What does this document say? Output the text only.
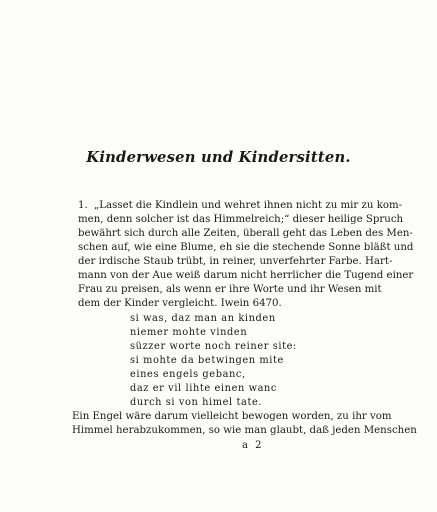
Kinderwesen und Kindersitten.
1. „Lasset die Kindlein und wehret ihnen nicht zu mir zu kom-
men, denn solcher ist das Himmelreich;“ dieser heilige Spruch
bewährt sich durch alle Zeiten, überall geht das Leben des Men-
schen auf, wie eine Blume, eh sie die stechende Sonne bläßt und
der irdische Staub trübt, in reiner, unverfehrter Farbe. Hart-
mann von der Aue weiß darum nicht herrlicher die Tugend einer
Frau zu preisen, als wenn er ihre Worte und ihr Wesen mit
dem der Kinder vergleicht. Iwein 6470.
si was, daz man an kinden
niemer mohte vinden
süzzer worte noch reiner site:
si mohte da betwingen mite
eines engels gebanc,
daz er vil lihte einen wanc
durch si von himel tate.
Ein Engel wäre darum vielleicht bewogen worden, zu ihr vom
Himmel herabzukommen, so wie man glaubt, daß jeden Menschen
a 2
